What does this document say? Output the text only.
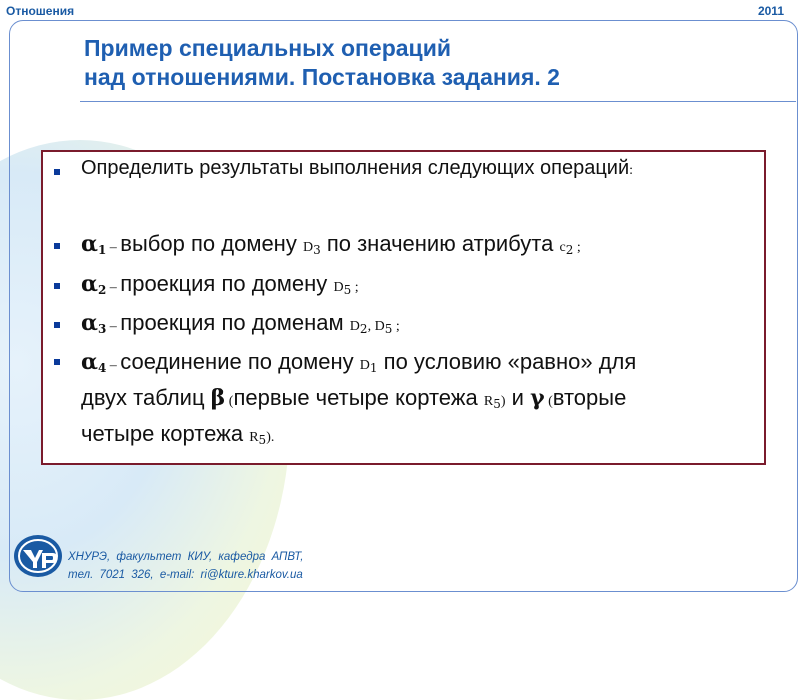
Отношения	2011
Пример специальных операций
над отношениями. Постановка задания. 2
Определить результаты выполнения следующих операций:
$\alpha_1$ – выбор по домену $D_3$ по значению атрибута $c_2$ ;
$\alpha_2$ – проекция по домену $D_5$ ;
$\alpha_3$ – проекция по доменам $D_2$, $D_5$ ;
$\alpha_4$ – соединение по домену $D_1$ по условию «равно» для
двух таблиц β (первые четыре кортежа $R_5$) и γ (вторые
четыре кортежа $R_5$).
ХНУРЭ, факультет КИУ, кафедра АПВТ,
тел. 7021 326, e-mail: ri@kture.kharkov.ua
